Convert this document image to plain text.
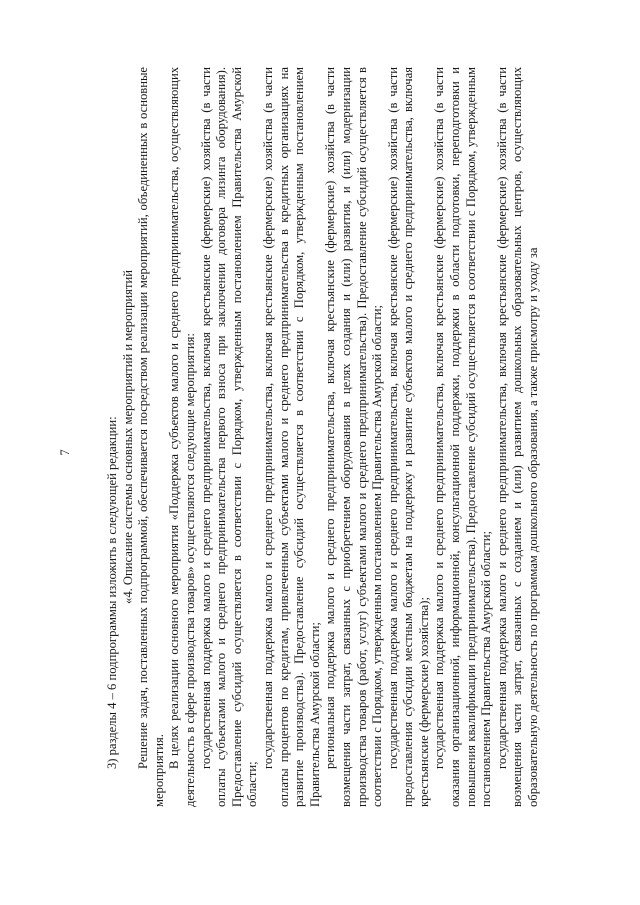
7	3) разделы 4 – 6 подпрограммы изложить в следующей редакции: «4. Описание системы основных мероприятий и мероприятий Решение задач, поставленных подпрограммой, обеспечивается посредством реализации мероприятий, объединенных в основные мероприятия.

В целях реализации основного мероприятия «Поддержка субъектов малого и среднего предпринимательства, осуществляющих деятельность в сфере производства товаров» осуществляются следующие мероприятия: государственная поддержка малого и среднего предпринимательства, включая крестьянские (фермерские) хозяйства (в части оплаты субъектами малого и среднего предпринимательства первого взноса при заключении договора лизинга оборудования). Предоставление субсидий осуществляется в соответствии с Порядком, утвержденным постановлением Правительства Амурской области;

государственная поддержка малого и среднего предпринимательства, включая крестьянские (фермерские) хозяйства (в части оплаты процентов по кредитам, привлеченным субъектами малого и среднего предпринимательства в кредитных организациях на развитие производства). Предоставление субсидий осуществляется в соответствии с Порядком, утвержденным постановлением Правительства Амурской области; региональная поддержка малого и среднего предпринимательства, включая крестьянские (фермерские) хозяйства (в части возмещения части затрат, связанных с приобретением оборудования в целях создания и (или) развития, и (или) модернизации производства товаров (работ, услуг) субъектами малого и среднего предпринимательства). Предоставление субсидий осуществляется в соответствии с Порядком, утвержденным постановлением Правительства Амурской области; государственная поддержка малого и среднего предпринимательства, включая крестьянские (фермерские) хозяйства (в части предоставления субсидии местным бюджетам на поддержку и развитие субъектов малого и среднего предпринимательства, включая крестьянские (фермерские) хозяйства); государственная поддержка малого и среднего предпринимательства, включая крестьянские (фермерские) хозяйства (в части оказания организационной, информационной, консультационной поддержки, поддержки в области подготовки, переподготовки и повышения квалификации предпринимательства). Предоставление субсидий осуществляется в соответствии с Порядком, утвержденным постановлением Правительства Амурской области; государственная поддержка малого и среднего предпринимательства, включая крестьянские (фермерские) хозяйства (в части возмещения части затрат, связанных с созданием и (или) развитием дошкольных образовательных центров, осуществляющих образовательную деятельность по программам дошкольного образования, а также присмотру и уходу за
